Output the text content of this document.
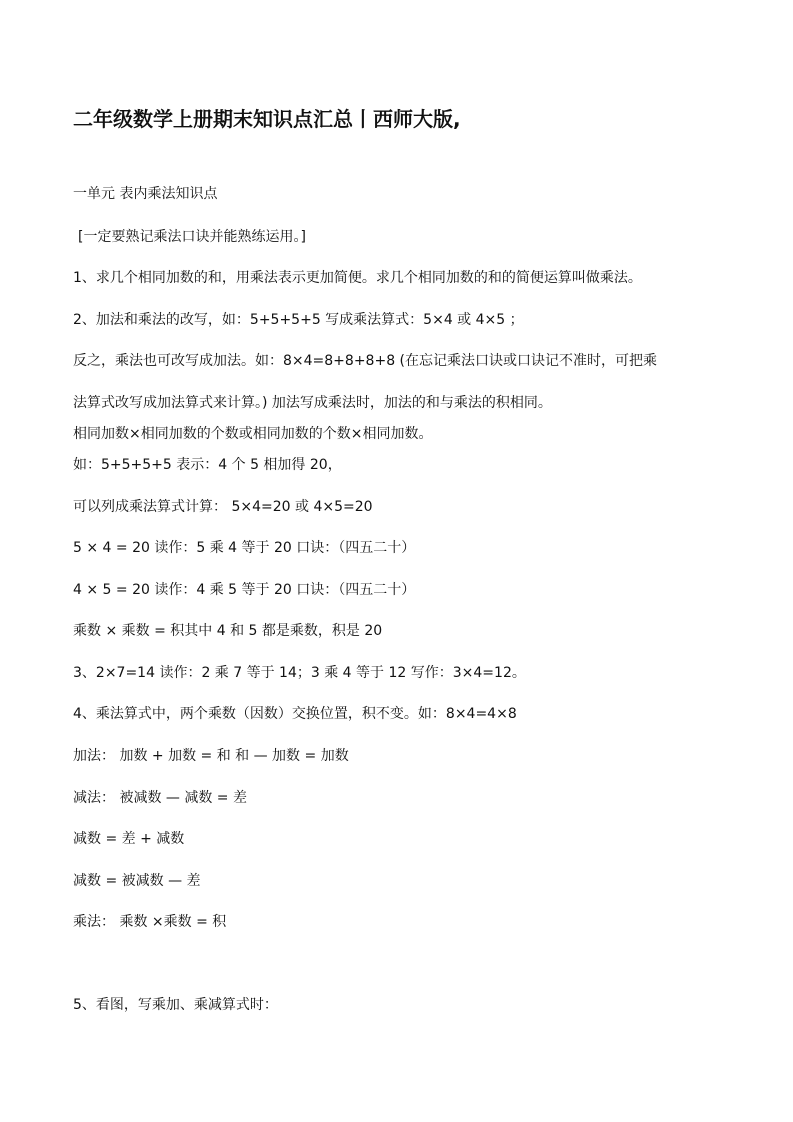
二年级数学上册期末知识点汇总丨西师大版,
一单元 表内乘法知识点
[一定要熟记乘法口诀并能熟练运用。]
1、求几个相同加数的和，用乘法表示更加简便。求几个相同加数的和的简便运算叫做乘法。
2、加法和乘法的改写，如：5+5+5+5 写成乘法算式：5×4 或 4×5 ；
反之，乘法也可改写成加法。如：8×4=8+8+8+8 (在忘记乘法口诀或口诀记不准时，可把乘
法算式改写成加法算式来计算。) 加法写成乘法时，加法的和与乘法的积相同。
相同加数×相同加数的个数或相同加数的个数×相同加数。
如：5+5+5+5 表示：4 个 5 相加得 20，
可以列成乘法算式计算： 5×4=20 或 4×5=20
5 × 4 = 20 读作：5 乘 4 等于 20 口诀：（四五二十）
4 × 5 = 20 读作：4 乘 5 等于 20 口诀：（四五二十）
乘数 × 乘数 = 积其中 4 和 5 都是乘数，积是 20
3、2×7=14 读作：2 乘 7 等于 14；3 乘 4 等于 12 写作：3×4=12。
4、乘法算式中，两个乘数（因数）交换位置，积不变。如：8×4=4×8
加法： 加数 + 加数 = 和 和 — 加数 = 加数
减法： 被减数 — 减数 = 差
减数 = 差 + 减数
减数 = 被减数 — 差
乘法： 乘数 ×乘数 = 积
5、看图，写乘加、乘减算式时：
